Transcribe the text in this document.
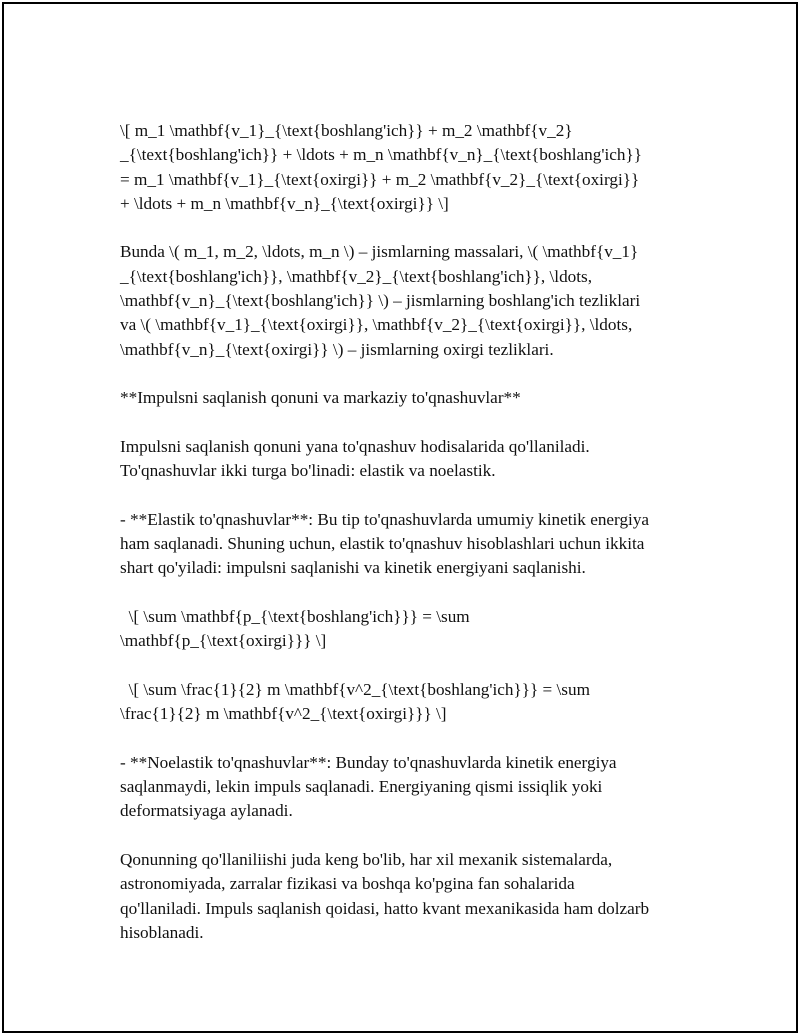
\[ m_1 \mathbf{v_1}_{\text{boshlang'ich}} + m_2 \mathbf{v_2}
_{\text{boshlang'ich}} + \ldots + m_n \mathbf{v_n}_{\text{boshlang'ich}}
= m_1 \mathbf{v_1}_{\text{oxirgi}} + m_2 \mathbf{v_2}_{\text{oxirgi}}
+ \ldots + m_n \mathbf{v_n}_{\text{oxirgi}} \]

Bunda \( m_1, m_2, \ldots, m_n \) – jismlarning massalari, \( \mathbf{v_1}
_{\text{boshlang'ich}}, \mathbf{v_2}_{\text{boshlang'ich}}, \ldots,
\mathbf{v_n}_{\text{boshlang'ich}} \) – jismlarning boshlang'ich tezliklari
va \( \mathbf{v_1}_{\text{oxirgi}}, \mathbf{v_2}_{\text{oxirgi}}, \ldots,
\mathbf{v_n}_{\text{oxirgi}} \) – jismlarning oxirgi tezliklari.

**Impulsni saqlanish qonuni va markaziy to'qnashuvlar**

Impulsni saqlanish qonuni yana to'qnashuv hodisalarida qo'llaniladi.
To'qnashuvlar ikki turga bo'linadi: elastik va noelastik.

- **Elastik to'qnashuvlar**: Bu tip to'qnashuvlarda umumiy kinetik energiya
ham saqlanadi. Shuning uchun, elastik to'qnashuv hisoblashlari uchun ikkita
shart qo'yiladi: impulsni saqlanishi va kinetik energiyani saqlanishi.

\[ \sum \mathbf{p_{\text{boshlang'ich}}} = \sum
\mathbf{p_{\text{oxirgi}}} \]

\[ \sum \frac{1}{2} m \mathbf{v^2_{\text{boshlang'ich}}} = \sum
\frac{1}{2} m \mathbf{v^2_{\text{oxirgi}}} \]

- **Noelastik to'qnashuvlar**: Bunday to'qnashuvlarda kinetik energiya
saqlanmaydi, lekin impuls saqlanadi. Energiyaning qismi issiqlik yoki
deformatsiyaga aylanadi.

Qonunning qo'llaniliishi juda keng bo'lib, har xil mexanik sistemalarda,
astronomiyada, zarralar fizikasi va boshqa ko'pgina fan sohalarida
qo'llaniladi. Impuls saqlanish qoidasi, hatto kvant mexanikasida ham dolzarb
hisoblanadi.
